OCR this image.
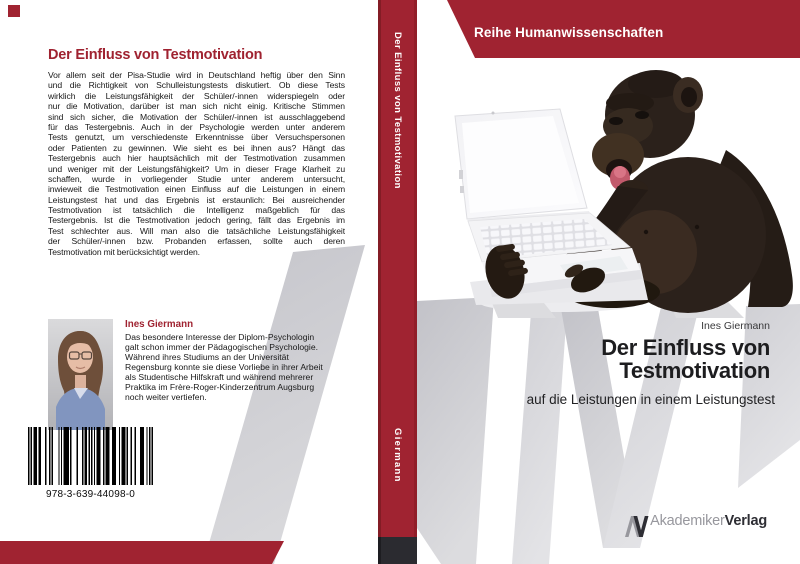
Der Einfluss von Testmotivation
Vor allem seit der Pisa-Studie wird in Deutschland heftig über den Sinn
und die Richtigkeit von Schulleistungstests diskutiert. Ob diese Tests
wirklich die Leistungsfähigkeit der Schüler/-innen widerspiegeln oder
nur die Motivation, darüber ist man sich nicht einig. Kritische Stimmen
sind sich sicher, die Motivation der Schüler/-innen ist ausschlaggebend
für das Testergebnis. Auch in der Psychologie werden unter anderem
Tests genutzt, um verschiedenste Erkenntnisse über Versuchspersonen
oder Patienten zu gewinnen. Wie sieht es bei ihnen aus? Hängt das
Testergebnis auch hier hauptsächlich mit der Testmotivation zusammen
und weniger mit der Leistungsfähigkeit? Um in dieser Frage Klarheit zu
schaffen, wurde in vorliegender Studie unter anderem untersucht,
inwieweit die Testmotivation einen Einfluss auf die Leistungen in einem
Leistungstest hat und das Ergebnis ist erstaunlich: Bei ausreichender
Testmotivation ist tatsächlich die Intelligenz maßgeblich für das
Testergebnis. Ist die Testmotivation jedoch gering, fällt das Ergebnis im
Test schlechter aus. Will man also die tatsächliche Leistungsfähigkeit
der Schüler/-innen bzw. Probanden erfassen, sollte auch deren
Testmotivation mit berücksichtigt werden.
Ines Giermann
Das besondere Interesse der Diplom-Psychologin
galt schon immer der Pädagogischen Psychologie.
Während ihres Studiums an der Universität
Regensburg konnte sie diese Vorliebe in ihrer Arbeit
als Studentische Hilfskraft und während mehrerer
Praktika im Frère-Roger-Kinderzentrum Augsburg
noch weiter vertiefen.
978-3-639-44098-0
Der Einfluss von Testmotivation
Giermann
Reihe Humanwissenschaften
Ines Giermann
Der Einfluss von
Testmotivation
auf die Leistungen in einem Leistungstest
AkademikerVerlag
